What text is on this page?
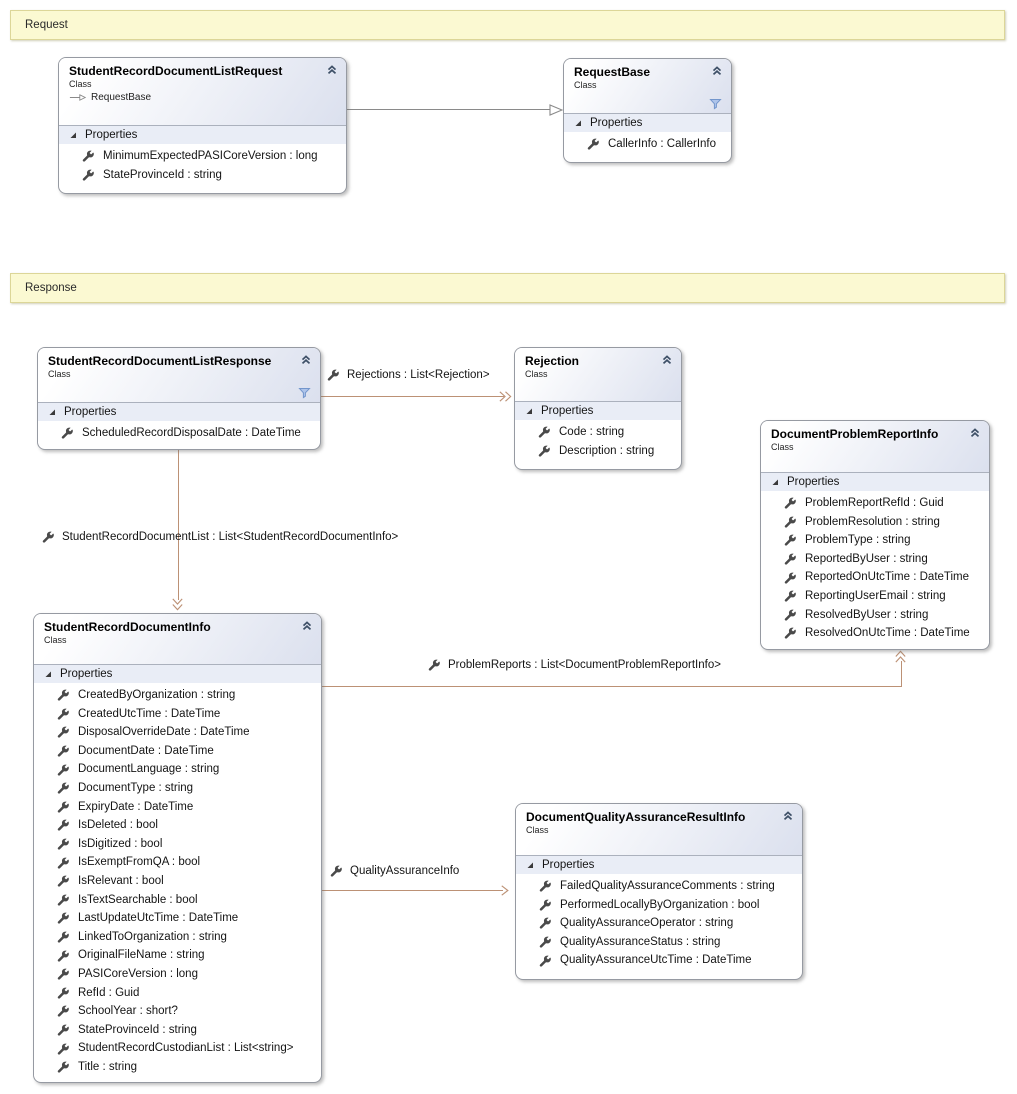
Request
Response
Rejections : List<Rejection>
StudentRecordDocumentList : List<StudentRecordDocumentInfo>
ProblemReports : List<DocumentProblemReportInfo>
QualityAssuranceInfo
StudentRecordDocumentListRequest
Class
RequestBase
Properties
MinimumExpectedPASICoreVersion : long
StateProvinceId : string
RequestBase
Class
Properties
CallerInfo : CallerInfo
StudentRecordDocumentListResponse
Class
Properties
ScheduledRecordDisposalDate : DateTime
Rejection
Class
Properties
Code : string
Description : string
DocumentProblemReportInfo
Class
Properties
ProblemReportRefId : Guid
ProblemResolution : string
ProblemType : string
ReportedByUser : string
ReportedOnUtcTime : DateTime
ReportingUserEmail : string
ResolvedByUser : string
ResolvedOnUtcTime : DateTime
StudentRecordDocumentInfo
Class
Properties
CreatedByOrganization : string
CreatedUtcTime : DateTime
DisposalOverrideDate : DateTime
DocumentDate : DateTime
DocumentLanguage : string
DocumentType : string
ExpiryDate : DateTime
IsDeleted : bool
IsDigitized : bool
IsExemptFromQA : bool
IsRelevant : bool
IsTextSearchable : bool
LastUpdateUtcTime : DateTime
LinkedToOrganization : string
OriginalFileName : string
PASICoreVersion : long
RefId : Guid
SchoolYear : short?
StateProvinceId : string
StudentRecordCustodianList : List<string>
Title : string
DocumentQualityAssuranceResultInfo
Class
Properties
FailedQualityAssuranceComments : string
PerformedLocallyByOrganization : bool
QualityAssuranceOperator : string
QualityAssuranceStatus : string
QualityAssuranceUtcTime : DateTime
